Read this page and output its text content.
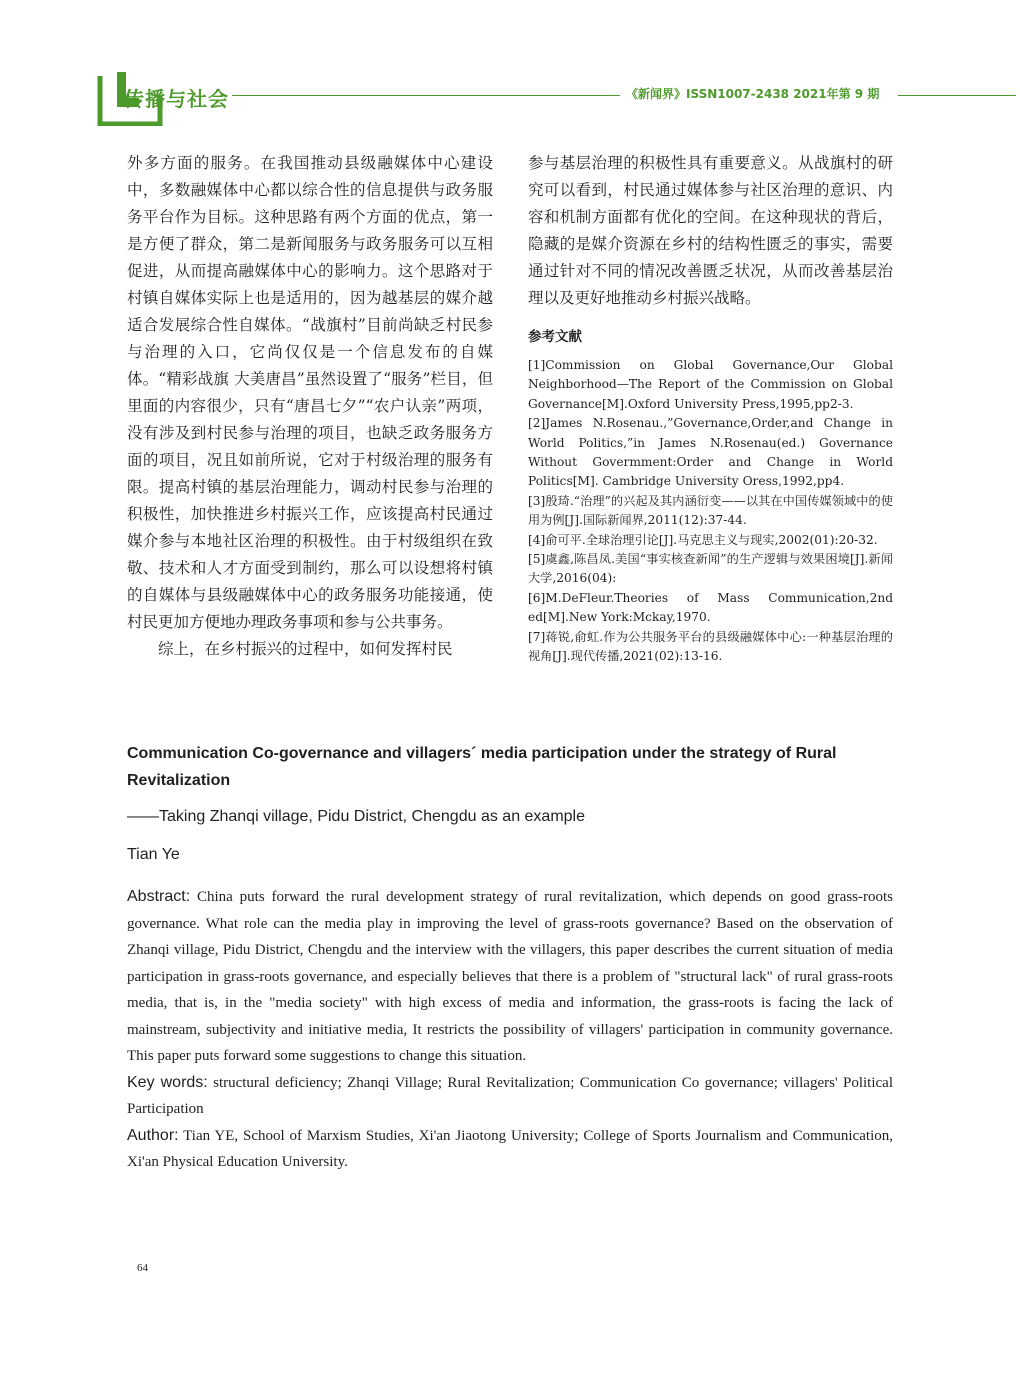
传播与社会	《新闻界》ISSN1007-2438 2021年第 9 期

外多方面的服务。在我国推动县级融媒体中心建设中，多数融媒体中心都以综合性的信息提供与政务服务平台作为目标。这种思路有两个方面的优点，第一是方便了群众，第二是新闻服务与政务服务可以互相促进，从而提高融媒体中心的影响力。这个思路对于村镇自媒体实际上也是适用的，因为越基层的媒介越适合发展综合性自媒体。“战旗村”目前尚缺乏村民参与治理的入口，它尚仅仅是一个信息发布的自媒体。“精彩战旗 大美唐昌”虽然设置了“服务”栏目，但里面的内容很少，只有“唐昌七夕”“农户认亲”两项，没有涉及到村民参与治理的项目，也缺乏政务服务方面的项目，况且如前所说，它对于村级治理的服务有限。提高村镇的基层治理能力，调动村民参与治理的积极性，加快推进乡村振兴工作，应该提高村民通过媒介参与本地社区治理的积极性。由于村级组织在致敬、技术和人才方面受到制约，那么可以设想将村镇的自媒体与县级融媒体中心的政务服务功能接通，使村民更加方便地办理政务事项和参与公共事务。

综上，在乡村振兴的过程中，如何发挥村民

参与基层治理的积极性具有重要意义。从战旗村的研究可以看到，村民通过媒体参与社区治理的意识、内容和机制方面都有优化的空间。在这种现状的背后，隐藏的是媒介资源在乡村的结构性匮乏的事实，需要通过针对不同的情况改善匮乏状况，从而改善基层治理以及更好地推动乡村振兴战略。

参考文献

[1]Commission on Global Governance,Our Global Neighborhood—The Report of the Commission on Global Governance[M].Oxford University Press,1995,pp2-3.

[2]James N.Rosenau.,”Governance,Order,and Change in World Politics,”in James N.Rosenau(ed.) Governance Without Govermment:Order and Change in World Politics[M]. Cambridge University Oress,1992,pp4.

[3]殷琦.“治理”的兴起及其内涵衍变——以其在中国传媒领域中的使用为例[J].国际新闻界,2011(12):37-44.

[4]俞可平.全球治理引论[J].马克思主义与现实,2002(01):20-32.

[5]虞鑫,陈昌凤.美国“事实核查新闻”的生产逻辑与效果困境[J].新闻大学,2016(04):

[6]M.DeFleur.Theories of Mass Communication,2nd ed[M].New York:Mckay,1970.

[7]蒋锐,俞虹.作为公共服务平台的县级融媒体中心:一种基层治理的视角[J].现代传播,2021(02):13-16.

Communication Co-governance and villagers´ media participation under the strategy of Rural Revitalization

——Taking Zhanqi village, Pidu District, Chengdu as an example

Tian Ye

Abstract: China puts forward the rural development strategy of rural revitalization, which depends on good grass-roots governance. What role can the media play in improving the level of grass-roots governance? Based on the observation of Zhanqi village, Pidu District, Chengdu and the interview with the villagers, this paper describes the current situation of media participation in grass-roots governance, and especially believes that there is a problem of "structural lack" of rural grass-roots media, that is, in the "media society" with high excess of media and information, the grass-roots is facing the lack of mainstream, subjectivity and initiative media, It restricts the possibility of villagers' participation in community governance. This paper puts forward some suggestions to change this situation.

Key words: structural deficiency; Zhanqi Village; Rural Revitalization; Communication Co governance; villagers' Political Participation

Author: Tian YE, School of Marxism Studies, Xi'an Jiaotong University; College of Sports Journalism and Communication, Xi'an Physical Education University.

64
